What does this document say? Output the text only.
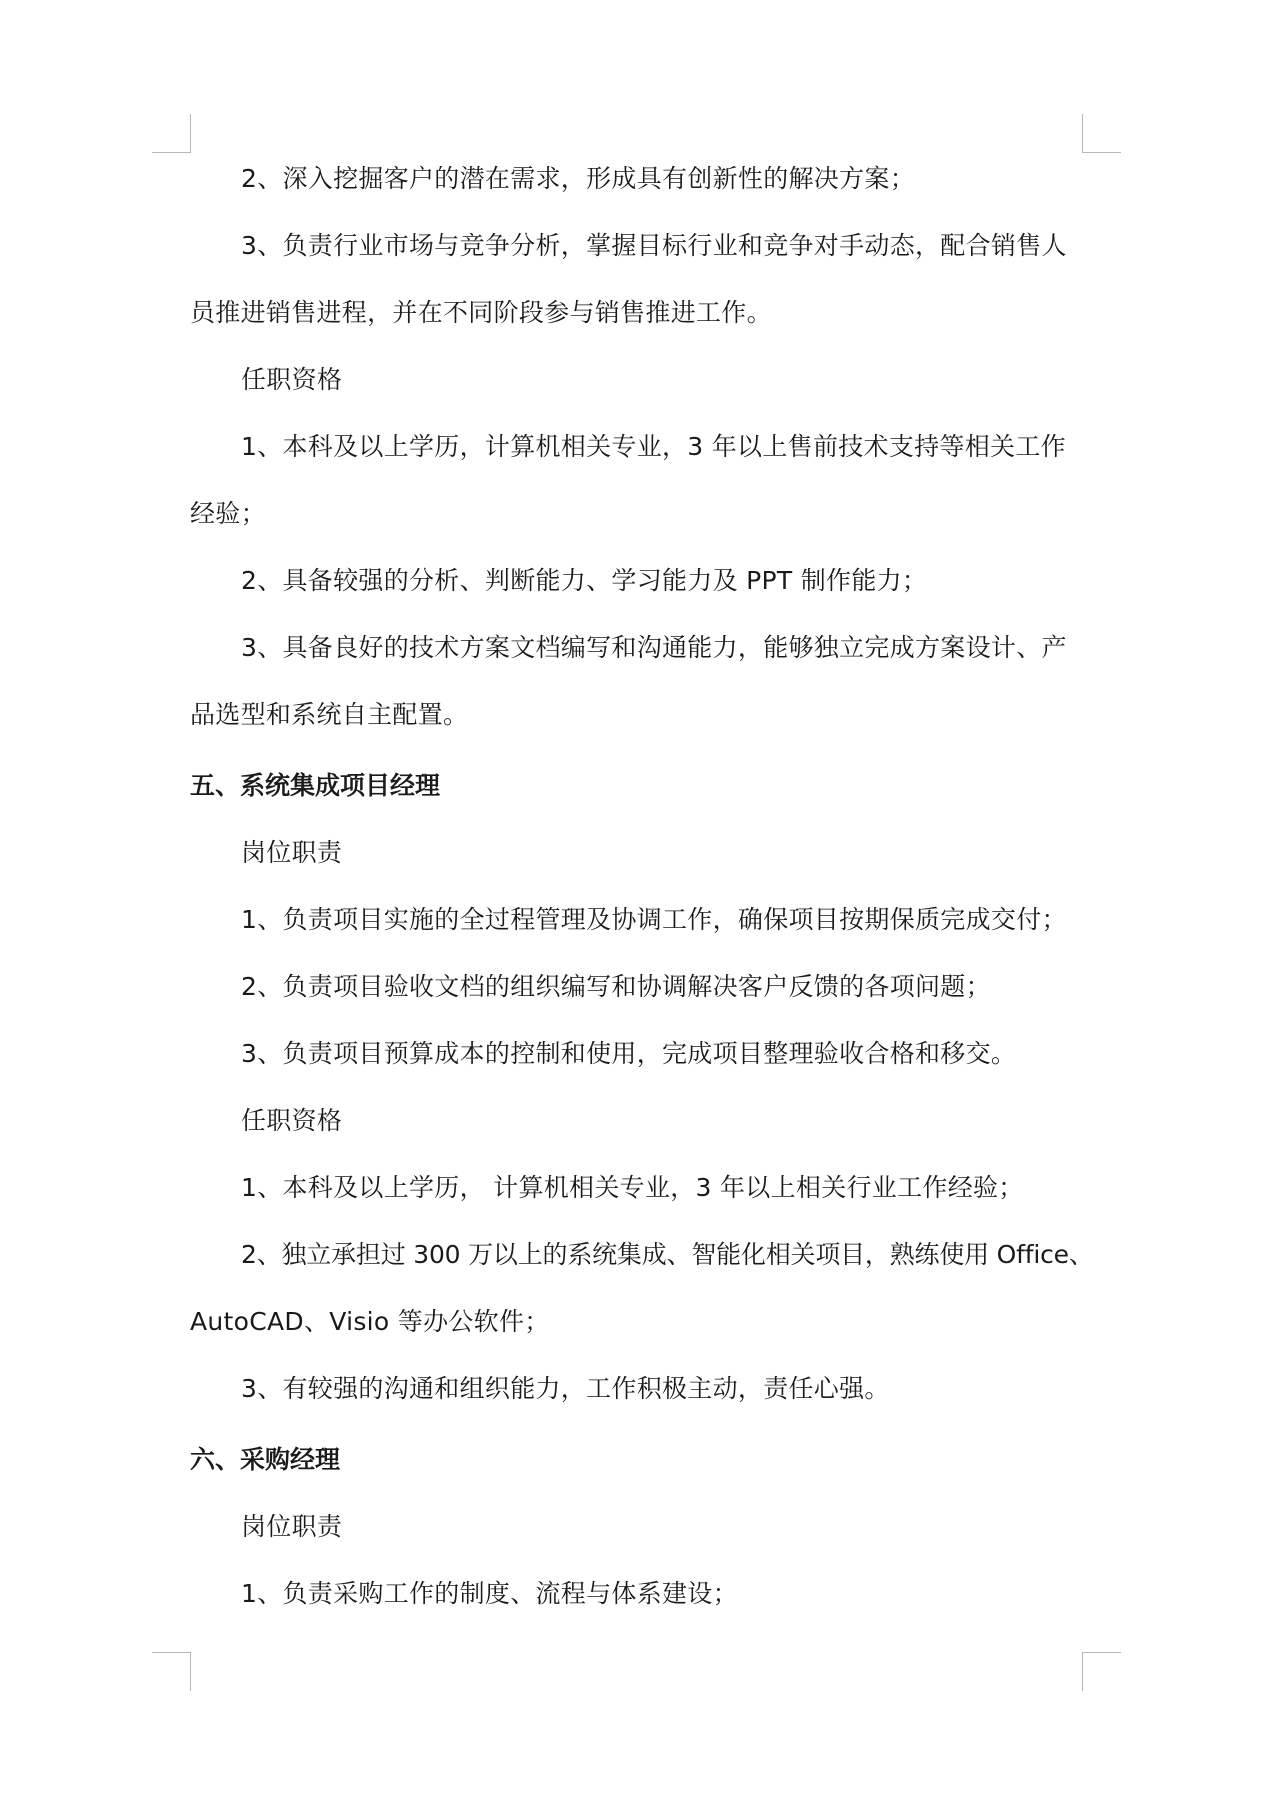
2、深入挖掘客户的潜在需求，形成具有创新性的解决方案；
3、负责行业市场与竞争分析，掌握目标行业和竞争对手动态，配合销售人
员推进销售进程，并在不同阶段参与销售推进工作。
任职资格
1、本科及以上学历，计算机相关专业，3 年以上售前技术支持等相关工作
经验；
2、具备较强的分析、判断能力、学习能力及 PPT 制作能力；
3、具备良好的技术方案文档编写和沟通能力，能够独立完成方案设计、产
品选型和系统自主配置。
五、系统集成项目经理
岗位职责
1、负责项目实施的全过程管理及协调工作，确保项目按期保质完成交付；
2、负责项目验收文档的组织编写和协调解决客户反馈的各项问题；
3、负责项目预算成本的控制和使用，完成项目整理验收合格和移交。
任职资格
1、本科及以上学历， 计算机相关专业，3 年以上相关行业工作经验；
2、独立承担过 300 万以上的系统集成、智能化相关项目，熟练使用 Office、
AutoCAD、Visio 等办公软件；
3、有较强的沟通和组织能力，工作积极主动，责任心强。
六、采购经理
岗位职责
1、负责采购工作的制度、流程与体系建设；
